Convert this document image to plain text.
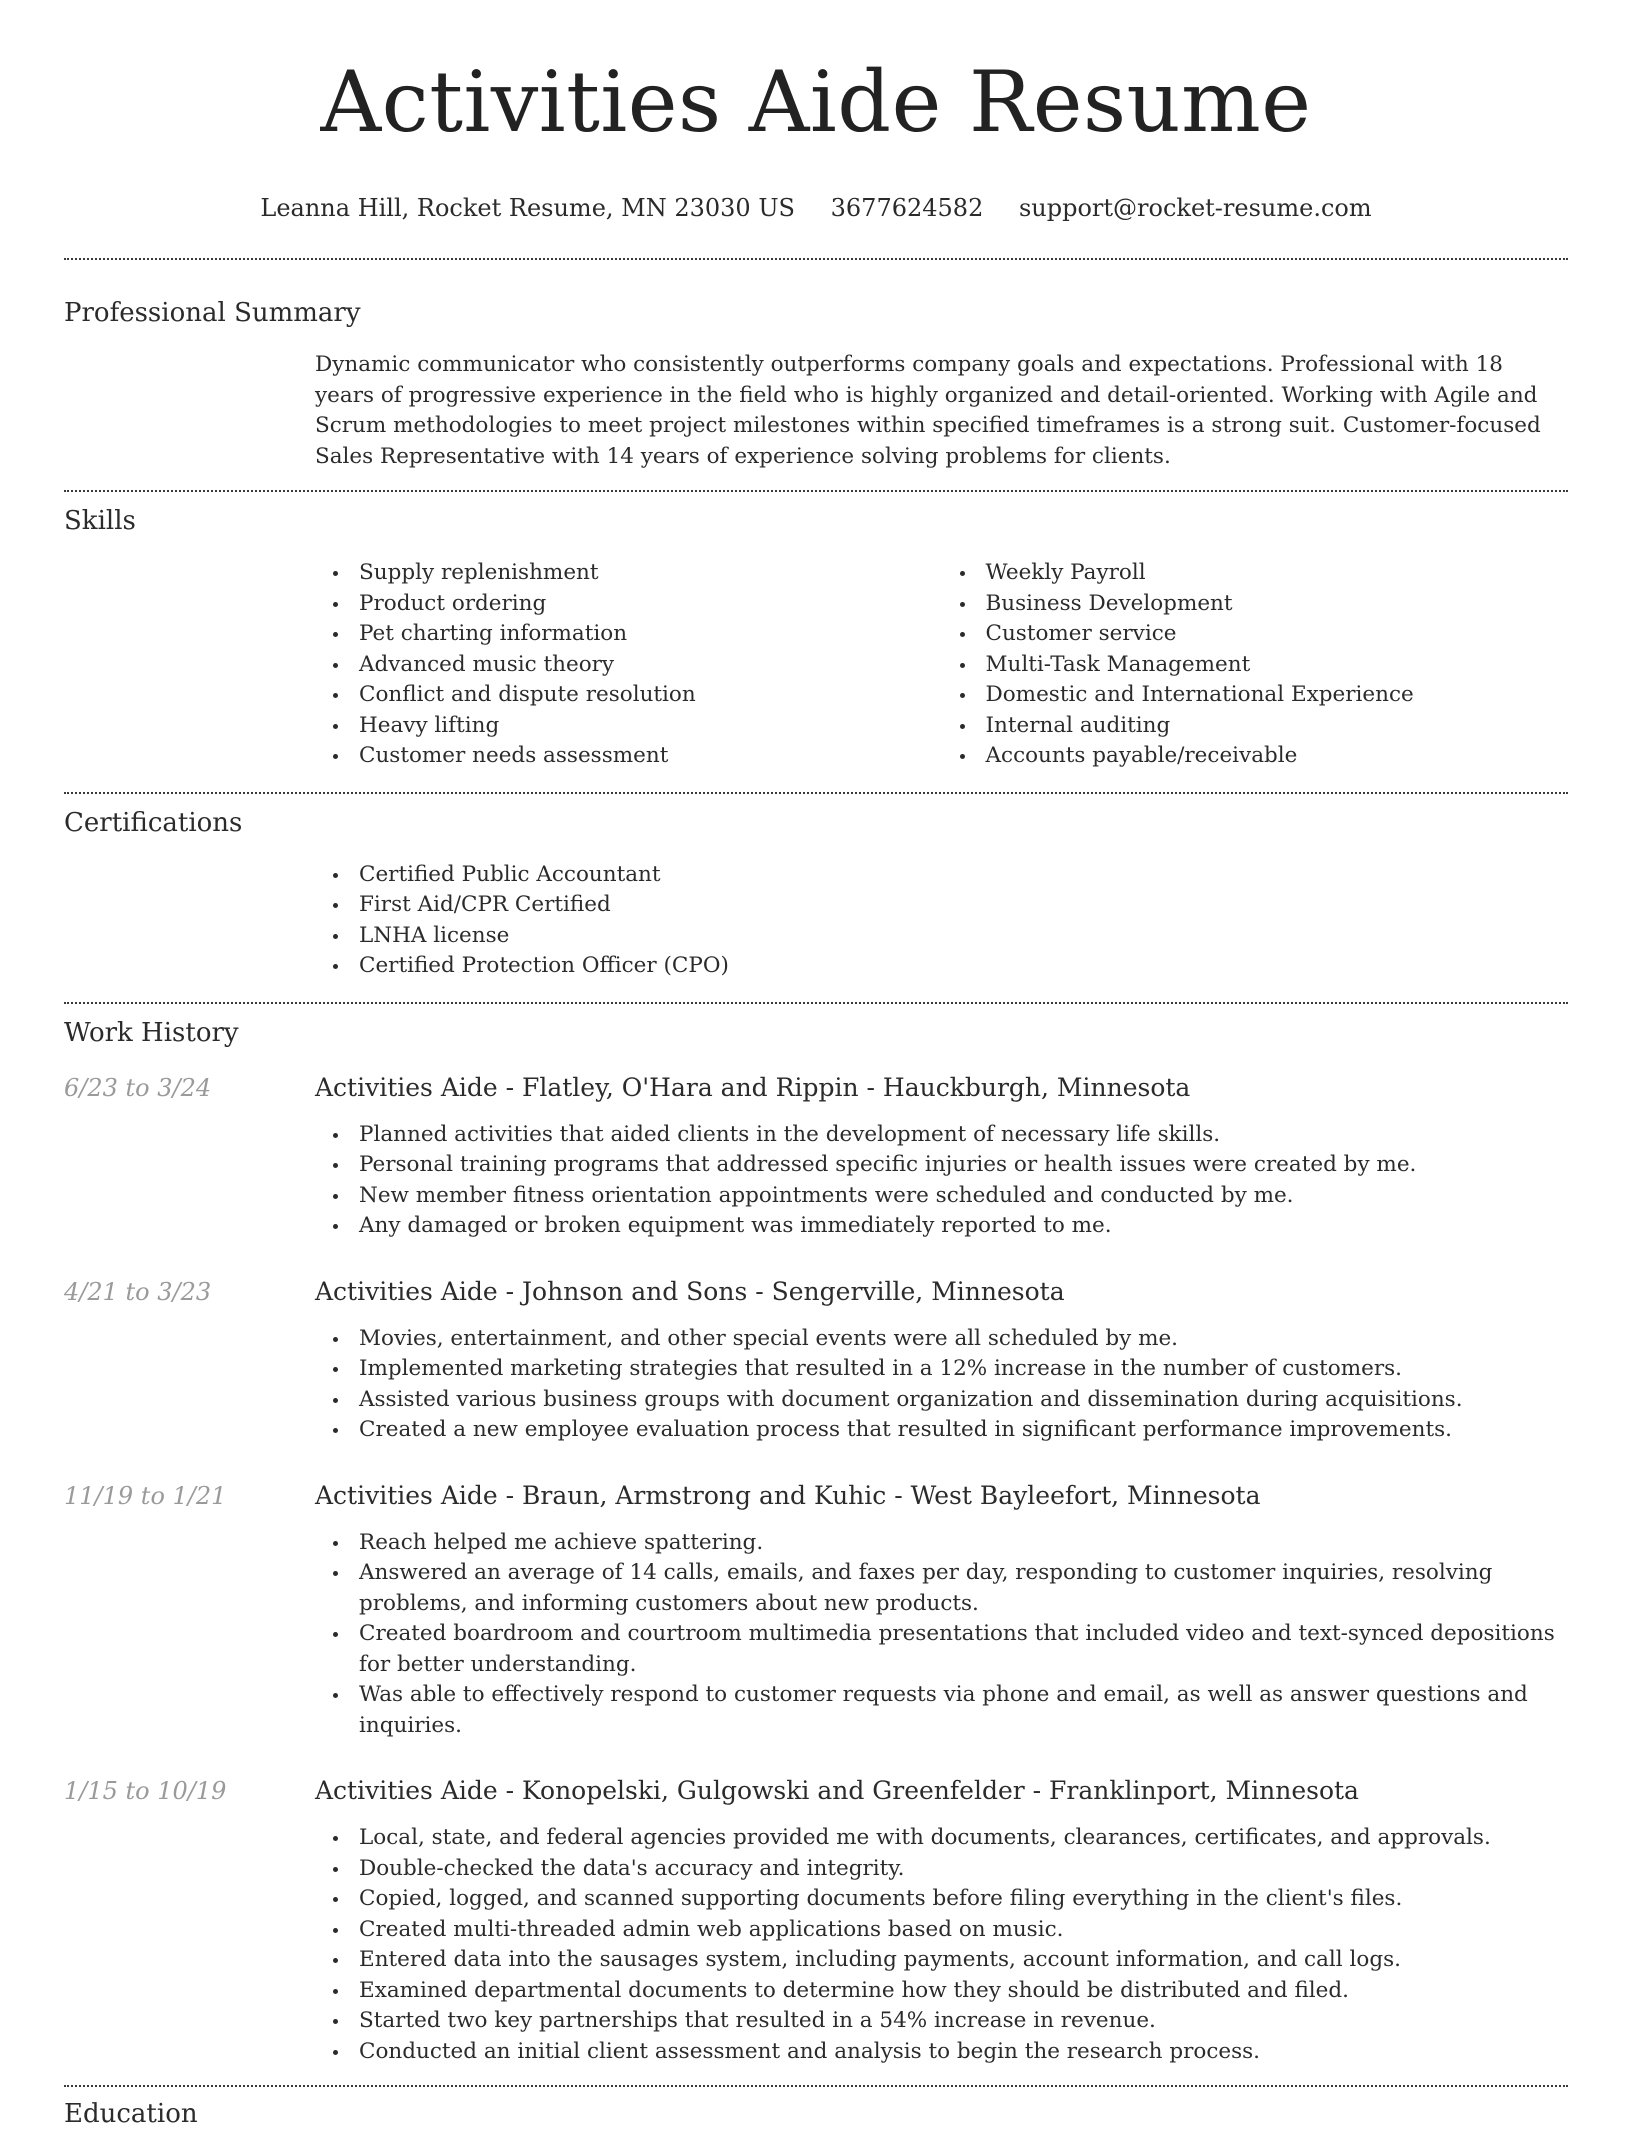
Activities Aide Resume
Leanna Hill, Rocket Resume, MN 23030 US 3677624582 support@rocket-resume.com
Professional Summary

Dynamic communicator who consistently outperforms company goals and expectations. Professional with 18 years of progressive experience in the field who is highly organized and detail-oriented. Working with Agile and Scrum methodologies to meet project milestones within specified timeframes is a strong suit. Customer-focused Sales Representative with 14 years of experience solving problems for clients.

Skills
Supply replenishment
Product ordering
Pet charting information
Advanced music theory
Conflict and dispute resolution
Heavy lifting
Customer needs assessment
Weekly Payroll
Business Development
Customer service
Multi-Task Management
Domestic and International Experience
Internal auditing
Accounts payable/receivable
Certifications
Certified Public Accountant
First Aid/CPR Certified
LNHA license
Certified Protection Officer (CPO)
Work History
6/23 to 3/24	Activities Aide - Flatley, O'Hara and Rippin - Hauckburgh, Minnesota
Planned activities that aided clients in the development of necessary life skills.
Personal training programs that addressed specific injuries or health issues were created by me.
New member fitness orientation appointments were scheduled and conducted by me.
Any damaged or broken equipment was immediately reported to me.
4/21 to 3/23	Activities Aide - Johnson and Sons - Sengerville, Minnesota
Movies, entertainment, and other special events were all scheduled by me.
Implemented marketing strategies that resulted in a 12% increase in the number of customers.
Assisted various business groups with document organization and dissemination during acquisitions.
Created a new employee evaluation process that resulted in significant performance improvements.
11/19 to 1/21	Activities Aide - Braun, Armstrong and Kuhic - West Bayleefort, Minnesota
Reach helped me achieve spattering.
Answered an average of 14 calls, emails, and faxes per day, responding to customer inquiries, resolving problems, and informing customers about new products.
Created boardroom and courtroom multimedia presentations that included video and text-synced depositions for better understanding.
Was able to effectively respond to customer requests via phone and email, as well as answer questions and inquiries.
1/15 to 10/19	Activities Aide - Konopelski, Gulgowski and Greenfelder - Franklinport, Minnesota
Local, state, and federal agencies provided me with documents, clearances, certificates, and approvals.
Double-checked the data's accuracy and integrity.
Copied, logged, and scanned supporting documents before filing everything in the client's files.
Created multi-threaded admin web applications based on music.
Entered data into the sausages system, including payments, account information, and call logs.
Examined departmental documents to determine how they should be distributed and filed.
Started two key partnerships that resulted in a 54% increase in revenue.
Conducted an initial client assessment and analysis to begin the research process.
Education
